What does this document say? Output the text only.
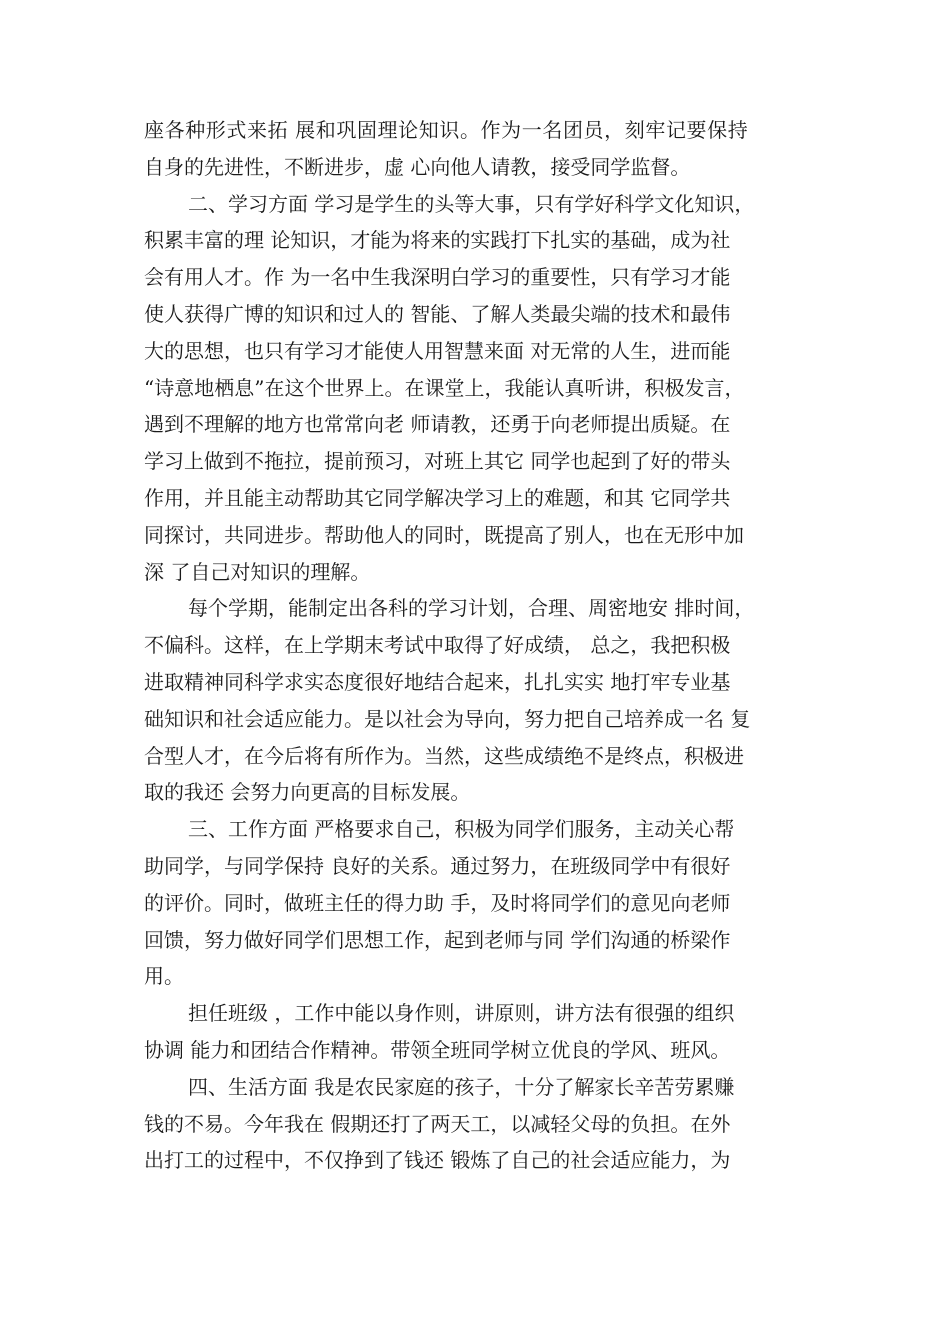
座各种形式来拓 展和巩固理论知识。作为一名团员，刻牢记要保持
自身的先进性，不断进步，虚 心向他人请教，接受同学监督。
二、学习方面 学习是学生的头等大事，只有学好科学文化知识，
积累丰富的理 论知识，才能为将来的实践打下扎实的基础，成为社
会有用人才。作 为一名中生我深明白学习的重要性，只有学习才能
使人获得广博的知识和过人的 智能、了解人类最尖端的技术和最伟
大的思想，也只有学习才能使人用智慧来面 对无常的人生，进而能
“诗意地栖息”在这个世界上。在课堂上，我能认真听讲，积极发言，
遇到不理解的地方也常常向老 师请教，还勇于向老师提出质疑。在
学习上做到不拖拉，提前预习，对班上其它 同学也起到了好的带头
作用，并且能主动帮助其它同学解决学习上的难题，和其 它同学共
同探讨，共同进步。帮助他人的同时，既提高了别人，也在无形中加
深 了自己对知识的理解。
每个学期，能制定出各科的学习计划，合理、周密地安 排时间，
不偏科。这样，在上学期末考试中取得了好成绩， 总之，我把积极
进取精神同科学求实态度很好地结合起来，扎扎实实 地打牢专业基
础知识和社会适应能力。是以社会为导向，努力把自己培养成一名 复
合型人才，在今后将有所作为。当然，这些成绩绝不是终点，积极进
取的我还 会努力向更高的目标发展。
三、工作方面 严格要求自己，积极为同学们服务，主动关心帮
助同学，与同学保持 良好的关系。通过努力，在班级同学中有很好
的评价。同时，做班主任的得力助 手，及时将同学们的意见向老师
回馈，努力做好同学们思想工作，起到老师与同 学们沟通的桥梁作
用。
担任班级 ，工作中能以身作则，讲原则，讲方法有很强的组织
协调 能力和团结合作精神。带领全班同学树立优良的学风、班风。
四、生活方面 我是农民家庭的孩子，十分了解家长辛苦劳累赚
钱的不易。今年我在 假期还打了两天工，以减轻父母的负担。在外
出打工的过程中，不仅挣到了钱还 锻炼了自己的社会适应能力，为
